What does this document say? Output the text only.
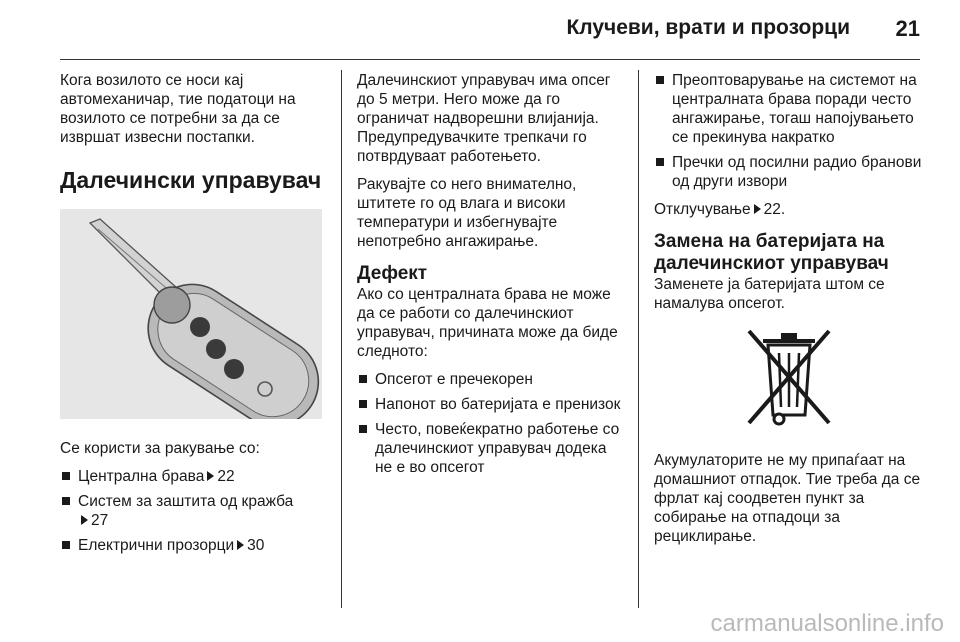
Клучеви, врати и прозорци 21

Кога возилото се носи кај автомеханичар, тие податоци на возилото се потребни за да се извршат извесни постапки.

Далечински управувач

Се користи за ракување со:

Централна брава 22
Систем за заштита од кражба
27
Електрични прозорци 30

Далечинскиот управувач има опсег до 5 метри. Него може да го ограничат надворешни влијанија. Предупредувачките трепкачи го потврдуваат работењето.

Ракувајте со него внимателно, штитете го од влага и високи температури и избегнувајте непотребно ангажирање.

Дефект

Ако со централната брава не може да се работи со далечинскиот управувач, причината може да биде следното:

Опсегот е пречекорен
Напонот во батеријата е пренизок
Често, повеќекратно работење со далечинскиот управувач додека не е во опсегот
Преоптоварување на системот на централната брава поради често ангажирање, тогаш напојувањето се прекинува накратко
Пречки од посилни радио бранови од други извори

Отклучување 22.

Замена на батеријата на далечинскиот управувач

Заменете ја батеријата штом се намалува опсегот.

Акумулаторите не му припаѓаат на домашниот отпадок. Тие треба да се фрлат кај соодветен пункт за собирање на отпадоци за рециклирање.

carmanualsonline.info
